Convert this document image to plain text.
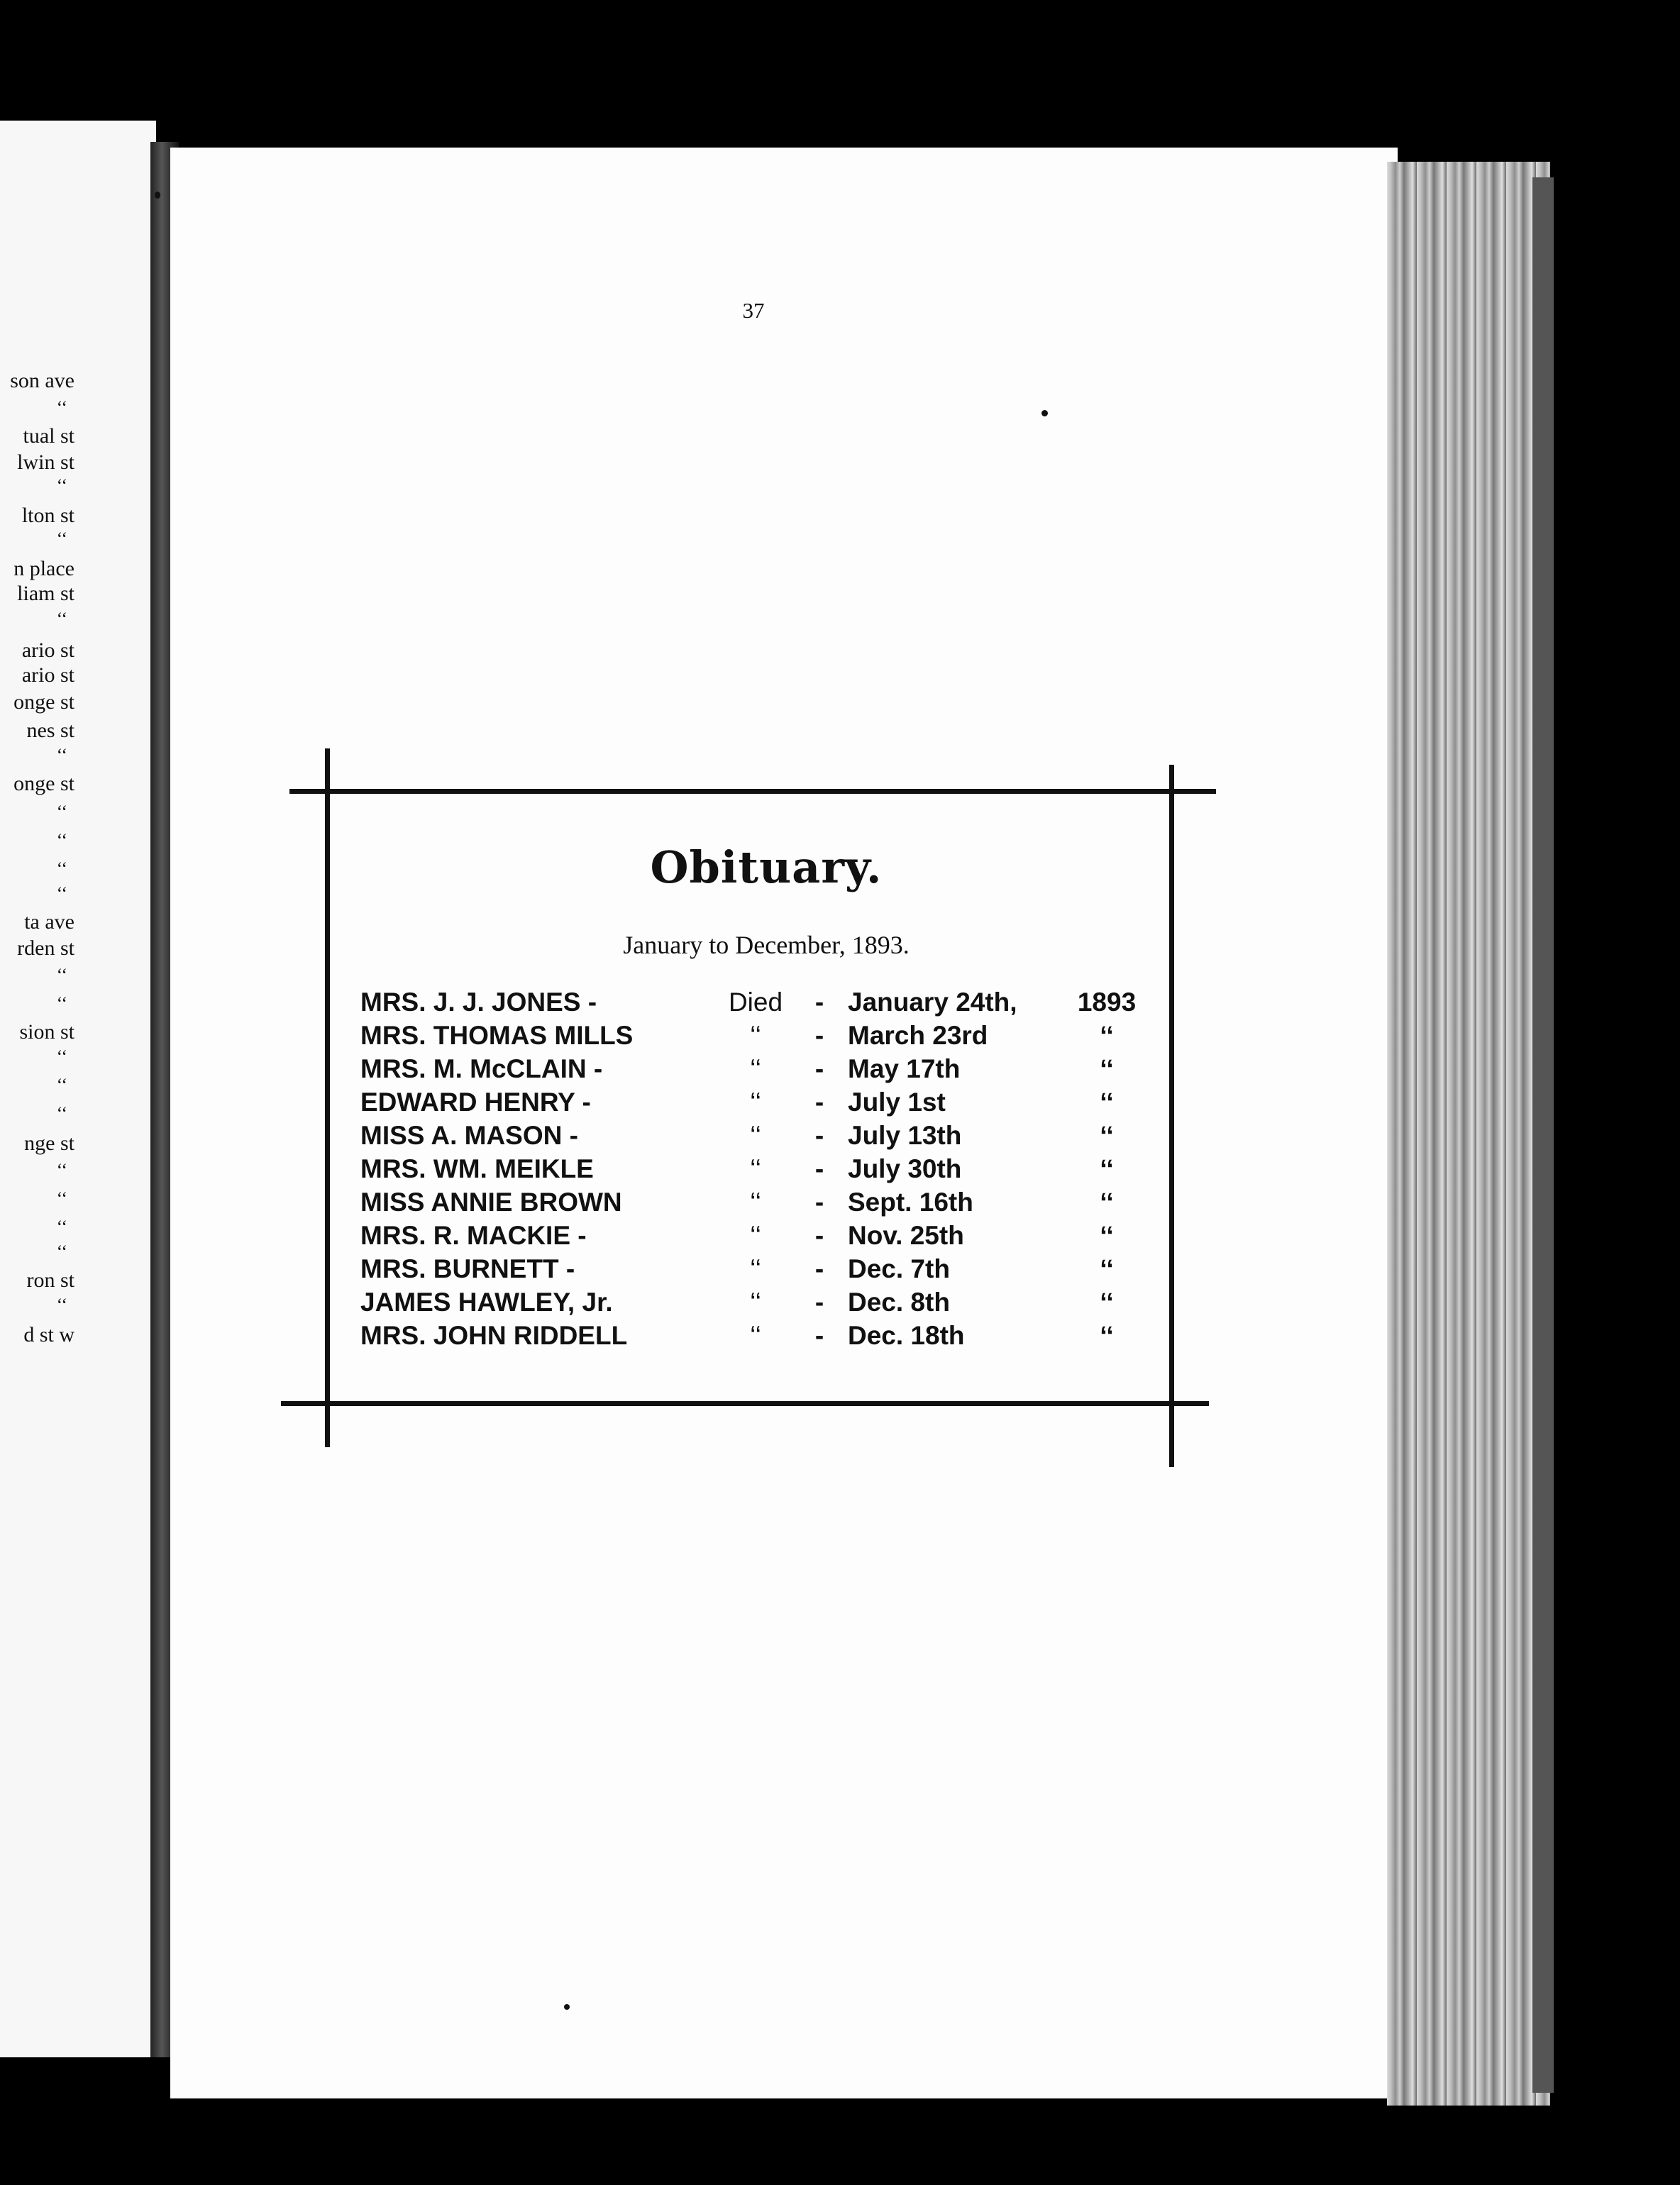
son ave
‘‘
tual st
lwin st
‘‘
lton st
‘‘
n place
liam st
‘‘
ario st
ario st
onge st
nes st
‘‘
onge st
‘‘
‘‘
‘‘
‘‘
ta ave
rden st
‘‘
‘‘
sion st
‘‘
‘‘
‘‘
nge st
‘‘
‘‘
‘‘
‘‘
ron st
‘‘
d st w
37
Obituary.
January to December, 1893.
MRS. J. J. JONES -	Died - January 24th,	1893
MRS. THOMAS MILLS	‘‘	- March 23rd	‘‘
MRS. M. McCLAIN -	‘‘	- May 17th	‘‘
EDWARD HENRY -	‘‘	- July 1st	‘‘
MISS A. MASON -	‘‘	- July 13th	‘‘
MRS. WM. MEIKLE	‘‘	- July 30th	‘‘
MISS ANNIE BROWN	‘‘	- Sept. 16th	‘‘
MRS. R. MACKIE -	‘‘	- Nov. 25th	‘‘
MRS. BURNETT -	‘‘	- Dec. 7th	‘‘
JAMES HAWLEY, Jr.	‘‘	- Dec. 8th	‘‘
MRS. JOHN RIDDELL	‘‘	- Dec. 18th	‘‘
